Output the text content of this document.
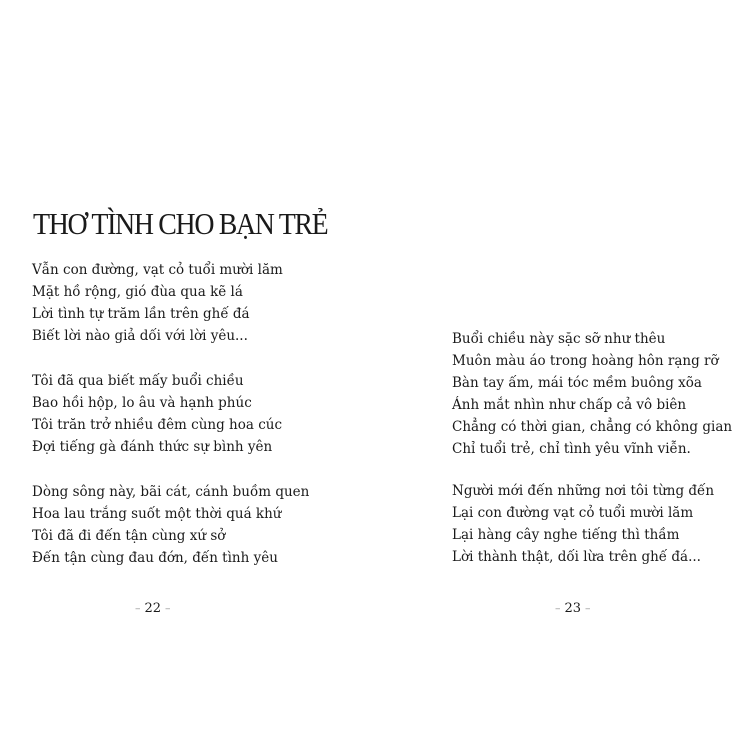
THƠ TÌNH CHO BẠN TRẺ
Vẫn con đường, vạt cỏ tuổi mười lăm
Mặt hồ rộng, gió đùa qua kẽ lá
Lời tình tự trăm lần trên ghế đá
Biết lời nào giả dối với lời yêu...
Tôi đã qua biết mấy buổi chiều
Bao hồi hộp, lo âu và hạnh phúc
Tôi trăn trở nhiều đêm cùng hoa cúc
Đợi tiếng gà đánh thức sự bình yên
Dòng sông này, bãi cát, cánh buồm quen
Hoa lau trắng suốt một thời quá khứ
Tôi đã đi đến tận cùng xứ sở
Đến tận cùng đau đớn, đến tình yêu
– 22 –
Buổi chiều này sặc sỡ như thêu
Muôn màu áo trong hoàng hôn rạng rỡ
Bàn tay ấm, mái tóc mềm buông xõa
Ánh mắt nhìn như chấp cả vô biên
Chẳng có thời gian, chẳng có không gian
Chỉ tuổi trẻ, chỉ tình yêu vĩnh viễn.
Người mới đến những nơi tôi từng đến
Lại con đường vạt cỏ tuổi mười lăm
Lại hàng cây nghe tiếng thì thầm
Lời thành thật, dối lừa trên ghế đá...
– 23 –
